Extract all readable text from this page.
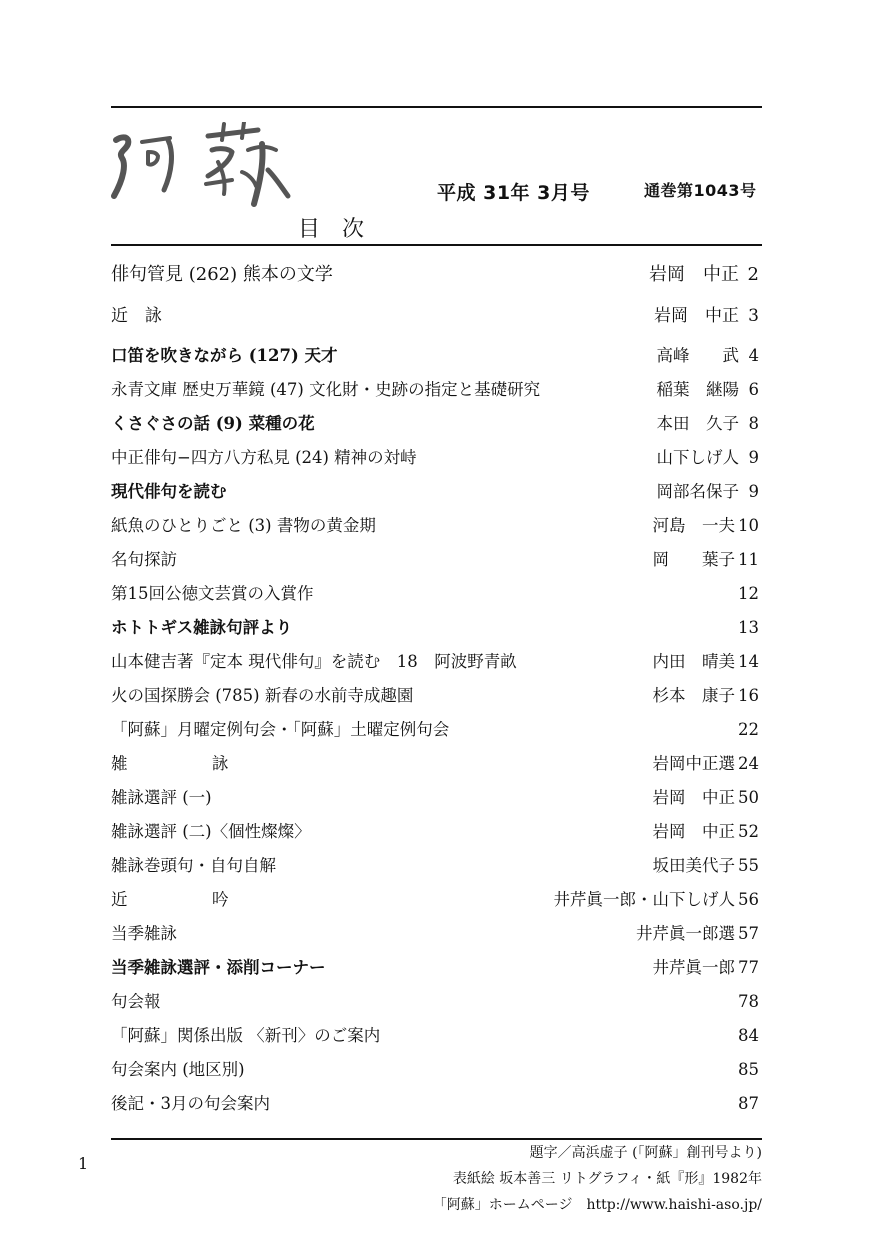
平成 31年 3月号	通巻第1043号
目次
俳句管見 (262) 熊本の文学	岩岡　中正 2
近　詠	岩岡　中正 3
口笛を吹きながら (127) 天才	高峰　　武 4
永青文庫 歴史万華鏡 (47) 文化財・史跡の指定と基礎研究	稲葉　継陽 6
くさぐさの話 (9) 菜種の花	本田　久子 8
中正俳句−四方八方私見 (24) 精神の対峙	山下しげ人 9
現代俳句を読む	岡部名保子 9
紙魚のひとりごと (3) 書物の黄金期	河島　一夫 10
名句探訪	岡　　葉子 11
第15回公徳文芸賞の入賞作	12
ホトトギス雑詠句評より	13
山本健吉著『定本 現代俳句』を読む　18　阿波野青畝	内田　晴美 14
火の国探勝会 (785) 新春の水前寺成趣園	杉本　康子 16
「阿蘇」月曜定例句会・「阿蘇」土曜定例句会	22
雑　詠	岩岡中正選 24
雑詠選評 (一)	岩岡　中正 50
雑詠選評 (二)〈個性燦燦〉	岩岡　中正 52
雑詠巻頭句・自句自解	坂田美代子 55
近　吟	井芹眞一郎・山下しげ人 56
当季雑詠	井芹眞一郎選 57
当季雑詠選評・添削コーナー	井芹眞一郎 77
句会報	78
「阿蘇」関係出版 〈新刊〉のご案内	84
句会案内 (地区別)	85
後記・3月の句会案内	87
1
題字／高浜虚子 (「阿蘇」創刊号より)
表紙絵 坂本善三 リトグラフィ・紙『形』1982年
「阿蘇」ホームページ　http://www.haishi-aso.jp/
